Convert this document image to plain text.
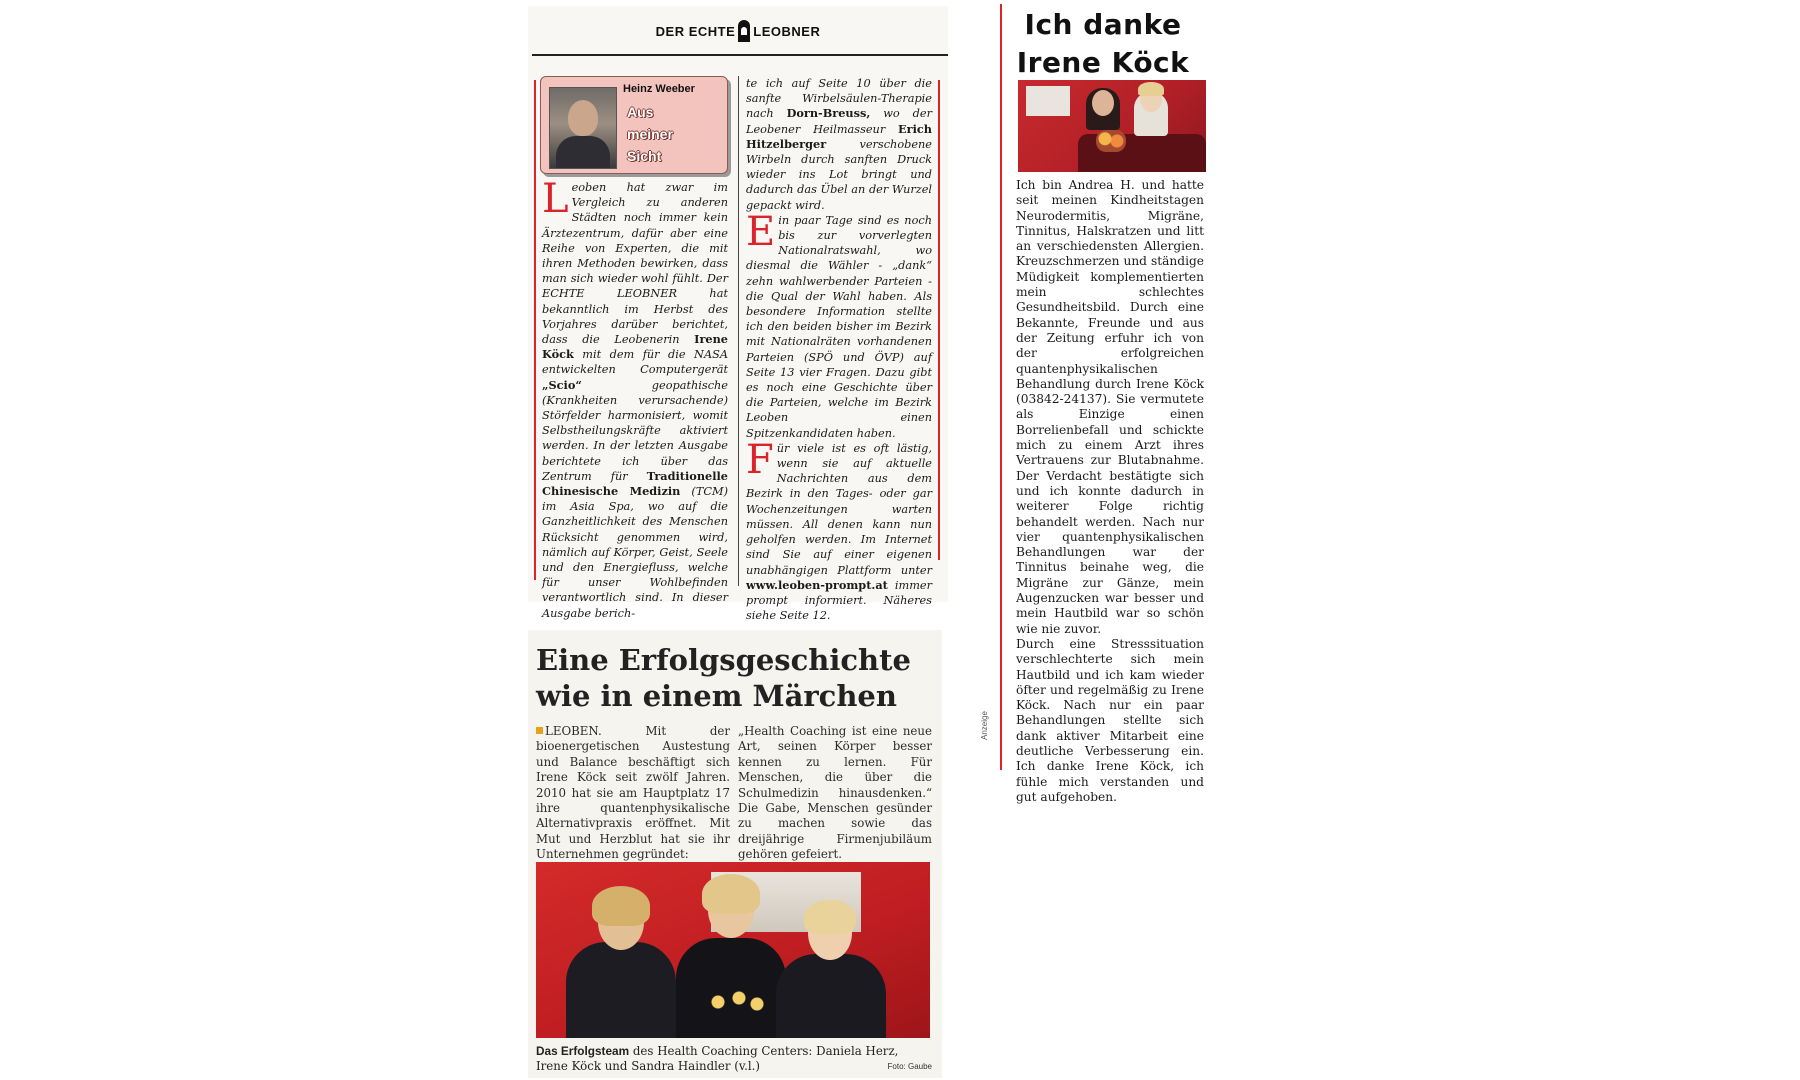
DER ECHTE LEOBNER
Heinz Weeber
Aus
meiner
Sicht

Leoben hat zwar im Vergleich zu anderen Städten noch immer kein Ärztezentrum, dafür aber eine Reihe von Experten, die mit ihren Methoden bewirken, dass man sich wieder wohl fühlt. Der ECHTE LEOBNER hat bekanntlich im Herbst des Vorjahres darüber berichtet, dass die Leobenerin Irene Köck mit dem für die NASA entwickelten Computergerät „Scio“ geopathische (Krankheiten verursachende) Störfelder harmonisiert, womit Selbstheilungskräfte aktiviert werden. In der letzten Ausgabe berichtete ich über das Zentrum für Traditionelle Chinesische Medizin (TCM) im Asia Spa, wo auf die Ganzheitlichkeit des Menschen Rücksicht genommen wird, nämlich auf Körper, Geist, Seele und den Energiefluss, welche für unser Wohlbefinden verantwortlich sind. In dieser Ausgabe berich-

te ich auf Seite 10 über die sanfte Wirbelsäulen-Therapie nach Dorn-Breuss, wo der Leobener Heilmasseur Erich Hitzelberger verschobene Wirbeln durch sanften Druck wieder ins Lot bringt und dadurch das Übel an der Wurzel gepackt wird.

Ein paar Tage sind es noch bis zur vorverlegten Nationalratswahl, wo diesmal die Wähler - „dank“ zehn wahlwerbender Parteien - die Qual der Wahl haben. Als besondere Information stellte ich den beiden bisher im Bezirk mit Nationalräten vorhandenen Parteien (SPÖ und ÖVP) auf Seite 13 vier Fragen. Dazu gibt es noch eine Geschichte über die Parteien, welche im Bezirk Leoben einen Spitzenkandidaten haben.

Für viele ist es oft lästig, wenn sie auf aktuelle Nachrichten aus dem Bezirk in den Tages- oder gar Wochenzeitungen warten müssen. All denen kann nun geholfen werden. Im Internet sind Sie auf einer eigenen unabhängigen Plattform unter www.leoben-prompt.at immer prompt informiert. Näheres siehe Seite 12.

Eine Erfolgsgeschichte
wie in einem Märchen
LEOBEN. Mit der bioenergetischen Austestung und Balance beschäftigt sich Irene Köck seit zwölf Jahren. 2010 hat sie am Hauptplatz 17 ihre quantenphysikalische Alternativpraxis eröffnet. Mit Mut und Herzblut hat sie ihr Unternehmen gegründet:
„Health Coaching ist eine neue Art, seinen Körper besser kennen zu lernen. Für Menschen, die über die Schulmedizin hinausdenken.“ Die Gabe, Menschen gesünder zu machen sowie das dreijährige Firmenjubiläum gehören gefeiert.
Das Erfolgsteam des Health Coaching Centers: Daniela Herz, Irene Köck und Sandra Haindler (v.l.)	Foto: Gaube
Anzeige
Ich danke
Irene Köck

Ich bin Andrea H. und hatte seit meinen Kindheitstagen Neurodermitis, Migräne, Tinnitus, Halskratzen und litt an verschiedensten Allergien. Kreuzschmerzen und ständige Müdigkeit komplementierten mein schlechtes Gesundheitsbild. Durch eine Bekannte, Freunde und aus der Zeitung erfuhr ich von der erfolgreichen quantenphysikalischen Behandlung durch Irene Köck (03842-24137). Sie vermutete als Einzige einen Borrelienbefall und schickte mich zu einem Arzt ihres Vertrauens zur Blutabnahme. Der Verdacht bestätigte sich und ich konnte dadurch in weiterer Folge richtig behandelt werden. Nach nur vier quantenphysikalischen Behandlungen war der Tinnitus beinahe weg, die Migräne zur Gänze, mein Augenzucken war besser und mein Hautbild war so schön wie nie zuvor.

Durch eine Stresssituation verschlechterte sich mein Hautbild und ich kam wieder öfter und regelmäßig zu Irene Köck. Nach nur ein paar Behandlungen stellte sich dank aktiver Mitarbeit eine deutliche Verbesserung ein. Ich danke Irene Köck, ich fühle mich verstanden und gut aufgehoben.
